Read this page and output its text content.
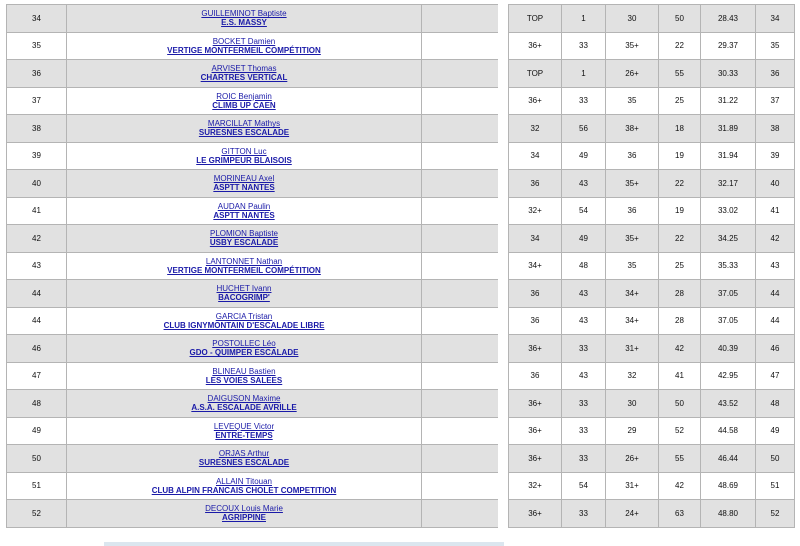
34	GUILLEMINOT Baptiste
E.S. MASSY	

35	BOCKET Damien
VERTIGE MONTFERMEIL COMPÉTITION	

36	ARVISET Thomas
CHARTRES VERTICAL	

37	ROIC Benjamin
CLIMB UP CAEN	

38	MARCILLAT Mathys
SURESNES ESCALADE	

39	GITTON Luc
LE GRIMPEUR BLAISOIS	

40	MORINEAU Axel
ASPTT NANTES	

41	AUDAN Paulin
ASPTT NANTES	

42	PLOMION Baptiste
USBY ESCALADE	

43	LANTONNET Nathan
VERTIGE MONTFERMEIL COMPÉTITION	

44	HUCHET Ivann
BACOGRIMP'	

44	GARCIA Tristan
CLUB IGNYMONTAIN D'ESCALADE LIBRE	

46	POSTOLLEC Léo
GDO - QUIMPER ESCALADE	

47	BLINEAU Bastien
LES VOIES SALEES	

48	DAIGUSON Maxime
A.S.A. ESCALADE AVRILLE	

49	LEVEQUE Victor
ENTRE-TEMPS	

50	ORJAS Arthur
SURESNES ESCALADE	

51	ALLAIN Titouan
CLUB ALPIN FRANCAIS CHOLET COMPETITION	

52	DECOUX Louis Marie
AGRIPPINE	

TOP	1	30	50	28.43	34
36+	33	35+	22	29.37	35
TOP	1	26+	55	30.33	36
36+	33	35	25	31.22	37
32	56	38+	18	31.89	38
34	49	36	19	31.94	39
36	43	35+	22	32.17	40
32+	54	36	19	33.02	41
34	49	35+	22	34.25	42
34+	48	35	25	35.33	43
36	43	34+	28	37.05	44
36	43	34+	28	37.05	44
36+	33	31+	42	40.39	46
36	43	32	41	42.95	47
36+	33	30	50	43.52	48
36+	33	29	52	44.58	49
36+	33	26+	55	46.44	50
32+	54	31+	42	48.69	51
36+	33	24+	63	48.80	52
